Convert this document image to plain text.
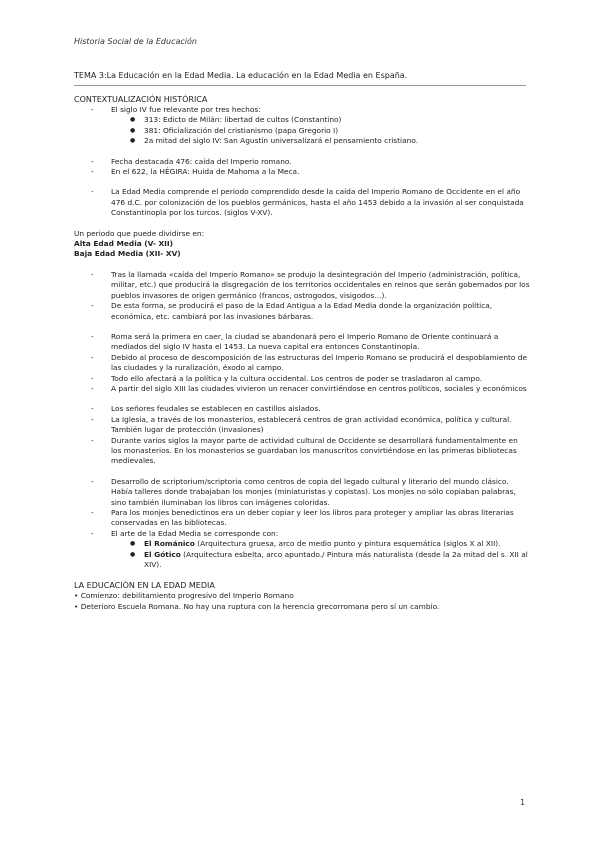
Historia Social de la Educación
TEMA 3:La Educación en la Edad Media. La educación en la Edad Media en España.

CONTEXTUALIZACIÓN HISTÓRICA

- El siglo IV fue relevante por tres hechos:
● 313: Edicto de Milán: libertad de cultos (Constantino)
● 381: Oficialización del cristianismo (papa Gregorio I)
● 2a mitad del siglo IV: San Agustín universalizará el pensamiento cristiano.
- Fecha destacada 476: caída del Imperio romano.
- En el 622, la HÉGIRA: Huida de Mahoma a la Meca.
- La Edad Media comprende el periodo comprendido desde la caída del Imperio Romano de Occidente en el año 476 d.C. por colonización de los pueblos germánicos, hasta el año 1453 debido a la invasión al ser conquistada Constantinopla por los turcos. (siglos V-XV).

Un periodo que puede dividirse en:

Alta Edad Media (V- XII)

Baja Edad Media (XII- XV)

- Tras la llamada «caída del Imperio Romano» se produjo la desintegración del Imperio (administración, política, militar, etc.) que producirá la disgregación de los territorios occidentales en reinos que serán gobernados por los pueblos invasores de origen germánico (francos, ostrogodos, visigodos…).
- De esta forma, se producirá el paso de la Edad Antigua a la Edad Media donde la organización política, económica, etc. cambiará por las invasiones bárbaras.
- Roma será la primera en caer, la ciudad se abandonará pero el Imperio Romano de Oriente continuará a mediados del siglo IV hasta el 1453. La nueva capital era entonces Constantinopla.
- Debido al proceso de descomposición de las estructuras del Imperio Romano se producirá el despoblamiento de las ciudades y la ruralización, éxodo al campo.
- Todo ello afectará a la política y la cultura occidental. Los centros de poder se trasladaron al campo.
- A partir del siglo XIII las ciudades vivieron un renacer convirtiéndose en centros políticos, sociales y económicos
- Los señores feudales se establecen en castillos aislados.
- La Iglesia, a través de los monasterios, establecerá centros de gran actividad económica, política y cultural. También lugar de protección (invasiones)
- Durante varios siglos la mayor parte de actividad cultural de Occidente se desarrollará fundamentalmente en los monasterios. En los monasterios se guardaban los manuscritos convirtiéndose en las primeras bibliotecas medievales.
- Desarrollo de scriptorium/scriptoria como centros de copia del legado cultural y literario del mundo clásico. Había talleres donde trabajaban los monjes (miniaturistas y copistas). Los monjes no sólo copiaban palabras, sino también iluminaban los libros con imágenes coloridas.
- Para los monjes benedictinos era un deber copiar y leer los libros para proteger y ampliar las obras literarias conservadas en las bibliotecas.
- El arte de la Edad Media se corresponde con:
● El Románico (Arquitectura gruesa, arco de medio punto y pintura esquemática (siglos X al XII).
● El Gótico (Arquitectura esbelta, arco apuntado./ Pintura más naturalista (desde la 2a mitad del s. XII al XIV).

LA EDUCACIÓN EN LA EDAD MEDIA

• Comienzo: debilitamiento progresivo del Imperio Romano

• Deterioro Escuela Romana. No hay una ruptura con la herencia grecorromana pero sí un cambio.

1
